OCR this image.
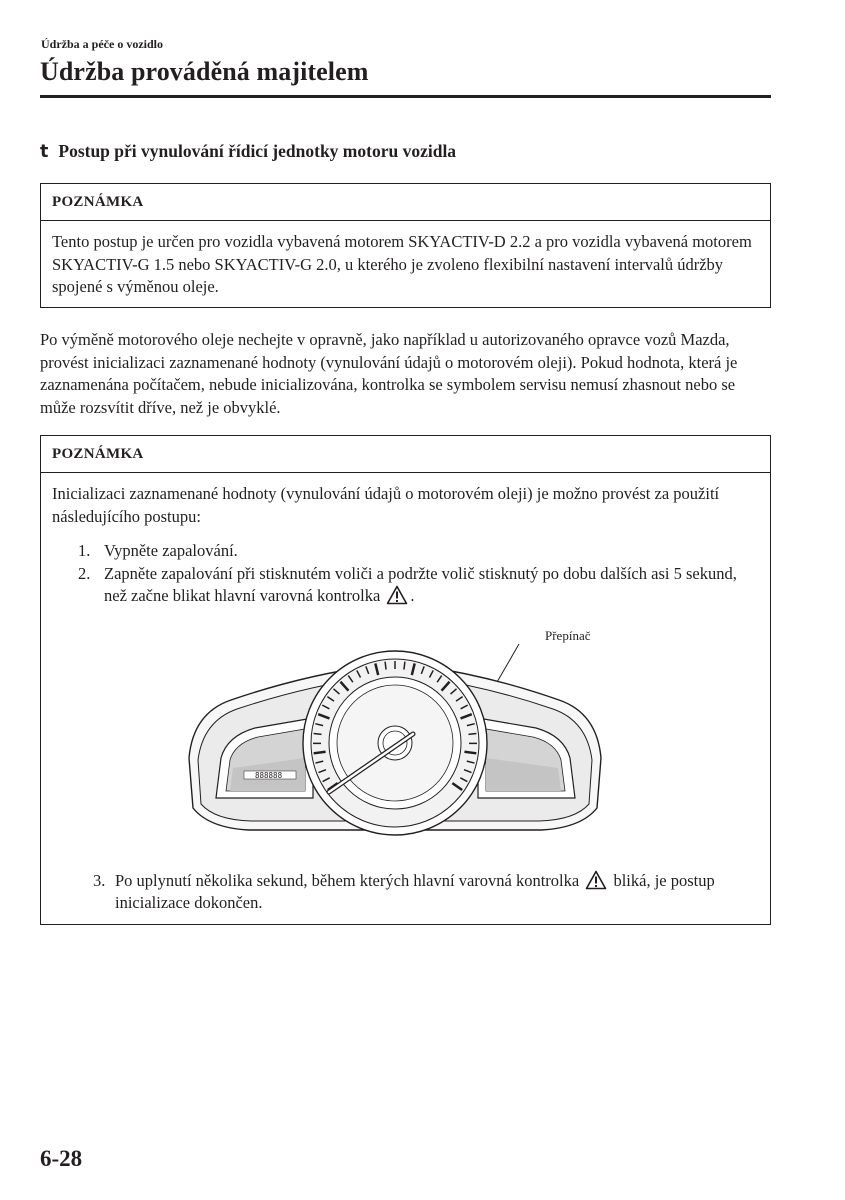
Údržba a péče o vozidlo
Údržba prováděná majitelem
t Postup při vynulování řídicí jednotky motoru vozidla
POZNÁMKA
Tento postup je určen pro vozidla vybavená motorem SKYACTIV-D 2.2 a pro vozidla vybavená motorem SKYACTIV-G 1.5 nebo SKYACTIV-G 2.0, u kterého je zvoleno flexibilní nastavení intervalů údržby spojené s výměnou oleje.
Po výměně motorového oleje nechejte v opravně, jako například u autorizovaného opravce vozů Mazda, provést inicializaci zaznamenané hodnoty (vynulování údajů o motorovém oleji). Pokud hodnota, která je zaznamenána počítačem, nebude inicializována, kontrolka se symbolem servisu nemusí zhasnout nebo se může rozsvítit dříve, než je obvyklé.
POZNÁMKA
Inicializaci zaznamenané hodnoty (vynulování údajů o motorovém oleji) je možno provést za použití následujícího postupu:
1. Vypněte zapalování.
2. Zapněte zapalování při stisknutém voliči a podržte volič stisknutý po dobu dalších asi 5 sekund, než začne blikat hlavní varovná kontrolka .
Přepínač
888888
3. Po uplynutí několika sekund, během kterých hlavní varovná kontrolka bliká, je postup inicializace dokončen.
6-28
